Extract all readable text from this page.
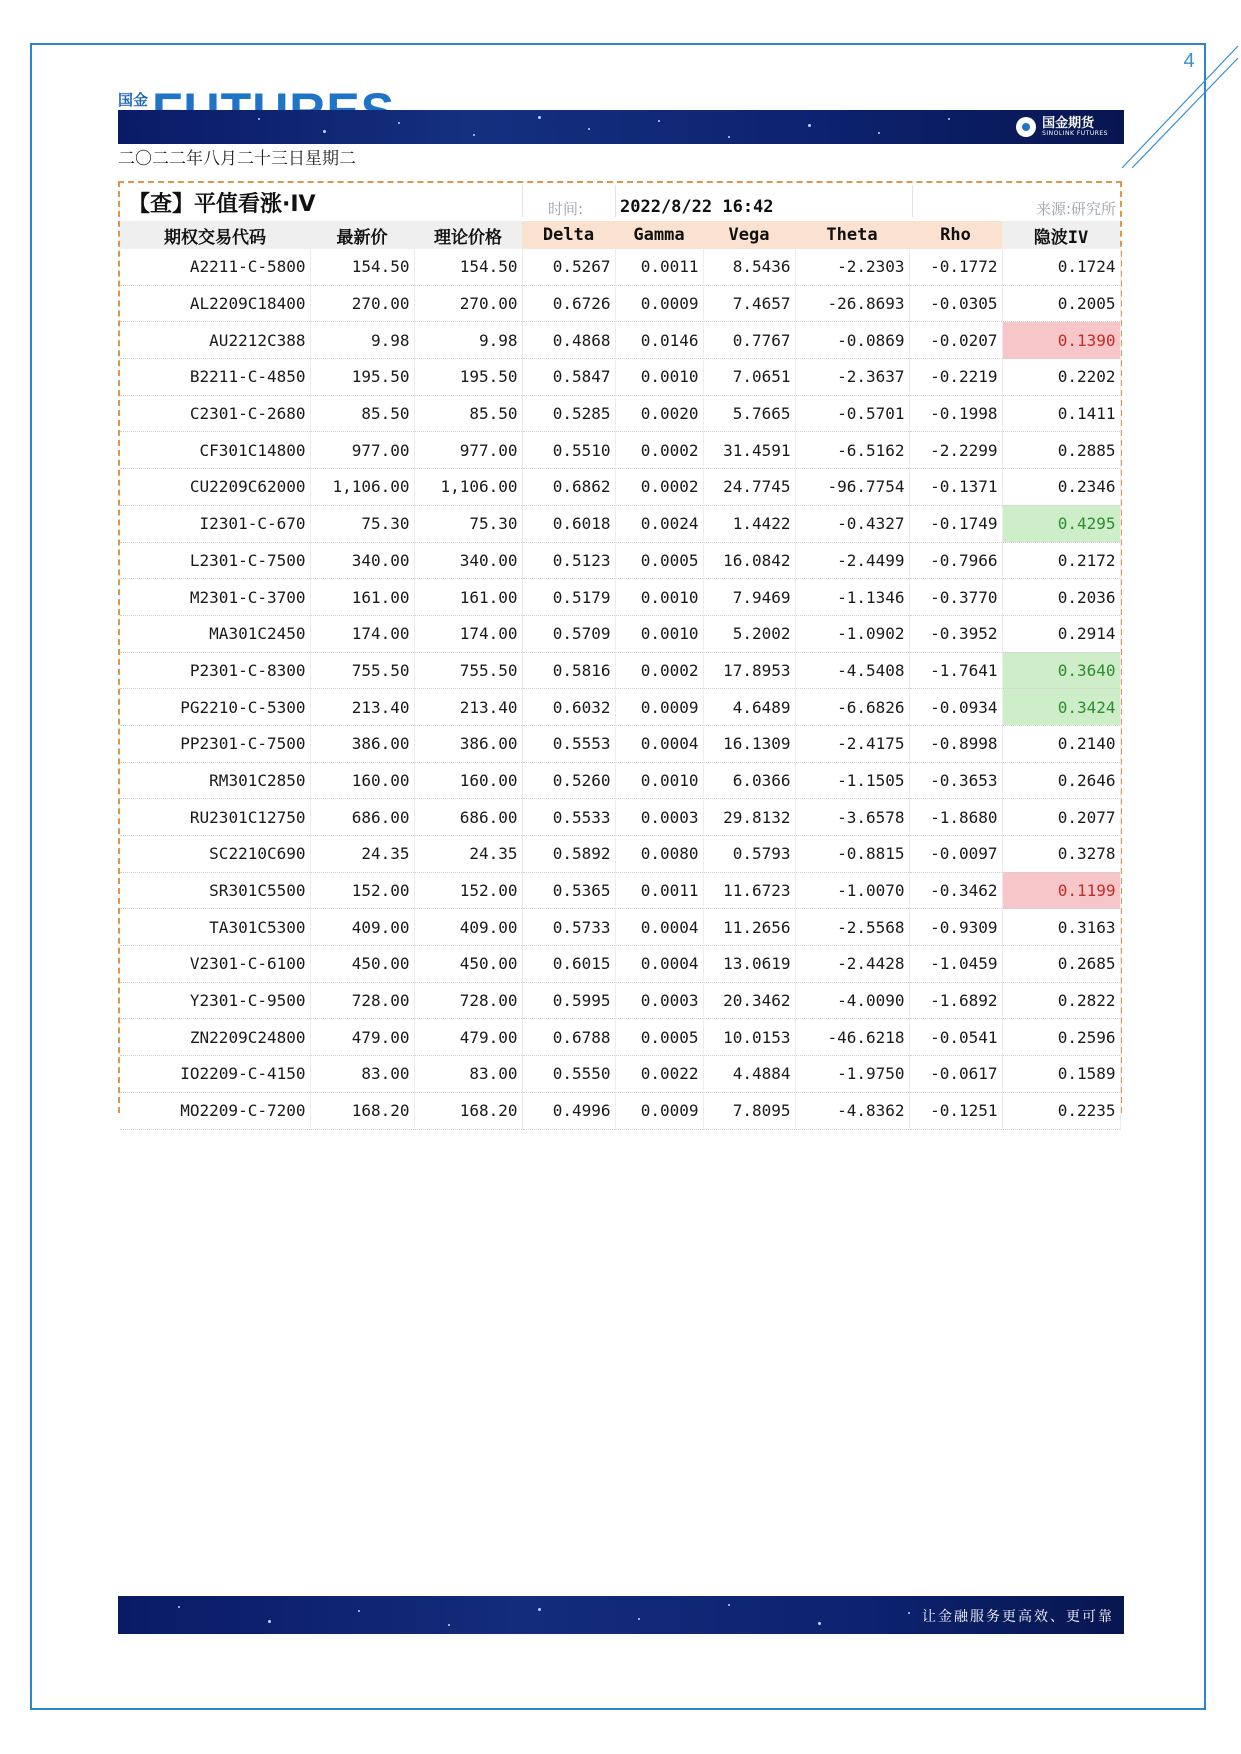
4
国金
国金期货
SINOLINK FUTURES
二〇二二年八月二十三日星期二
【查】平值看涨·IV	时间: 2022/8/22 16:42	来源:研究所
期权交易代码	最新价	理论价格	Delta	Gamma	Vega	Theta	Rho	隐波IV
A2211-C-5800	154.50	154.50	0.5267	0.0011	8.5436	-2.2303	-0.1772	0.1724
AL2209C18400	270.00	270.00	0.6726	0.0009	7.4657	-26.8693	-0.0305	0.2005
AU2212C388	9.98	9.98	0.4868	0.0146	0.7767	-0.0869	-0.0207	0.1390
B2211-C-4850	195.50	195.50	0.5847	0.0010	7.0651	-2.3637	-0.2219	0.2202
C2301-C-2680	85.50	85.50	0.5285	0.0020	5.7665	-0.5701	-0.1998	0.1411
CF301C14800	977.00	977.00	0.5510	0.0002	31.4591	-6.5162	-2.2299	0.2885
CU2209C62000	1,106.00	1,106.00	0.6862	0.0002	24.7745	-96.7754	-0.1371	0.2346
I2301-C-670	75.30	75.30	0.6018	0.0024	1.4422	-0.4327	-0.1749	0.4295
L2301-C-7500	340.00	340.00	0.5123	0.0005	16.0842	-2.4499	-0.7966	0.2172
M2301-C-3700	161.00	161.00	0.5179	0.0010	7.9469	-1.1346	-0.3770	0.2036
MA301C2450	174.00	174.00	0.5709	0.0010	5.2002	-1.0902	-0.3952	0.2914
P2301-C-8300	755.50	755.50	0.5816	0.0002	17.8953	-4.5408	-1.7641	0.3640
PG2210-C-5300	213.40	213.40	0.6032	0.0009	4.6489	-6.6826	-0.0934	0.3424
PP2301-C-7500	386.00	386.00	0.5553	0.0004	16.1309	-2.4175	-0.8998	0.2140
RM301C2850	160.00	160.00	0.5260	0.0010	6.0366	-1.1505	-0.3653	0.2646
RU2301C12750	686.00	686.00	0.5533	0.0003	29.8132	-3.6578	-1.8680	0.2077
SC2210C690	24.35	24.35	0.5892	0.0080	0.5793	-0.8815	-0.0097	0.3278
SR301C5500	152.00	152.00	0.5365	0.0011	11.6723	-1.0070	-0.3462	0.1199
TA301C5300	409.00	409.00	0.5733	0.0004	11.2656	-2.5568	-0.9309	0.3163
V2301-C-6100	450.00	450.00	0.6015	0.0004	13.0619	-2.4428	-1.0459	0.2685
Y2301-C-9500	728.00	728.00	0.5995	0.0003	20.3462	-4.0090	-1.6892	0.2822
ZN2209C24800	479.00	479.00	0.6788	0.0005	10.0153	-46.6218	-0.0541	0.2596
IO2209-C-4150	83.00	83.00	0.5550	0.0022	4.4884	-1.9750	-0.0617	0.1589
MO2209-C-7200	168.20	168.20	0.4996	0.0009	7.8095	-4.8362	-0.1251	0.2235
让金融服务更高效、更可靠
